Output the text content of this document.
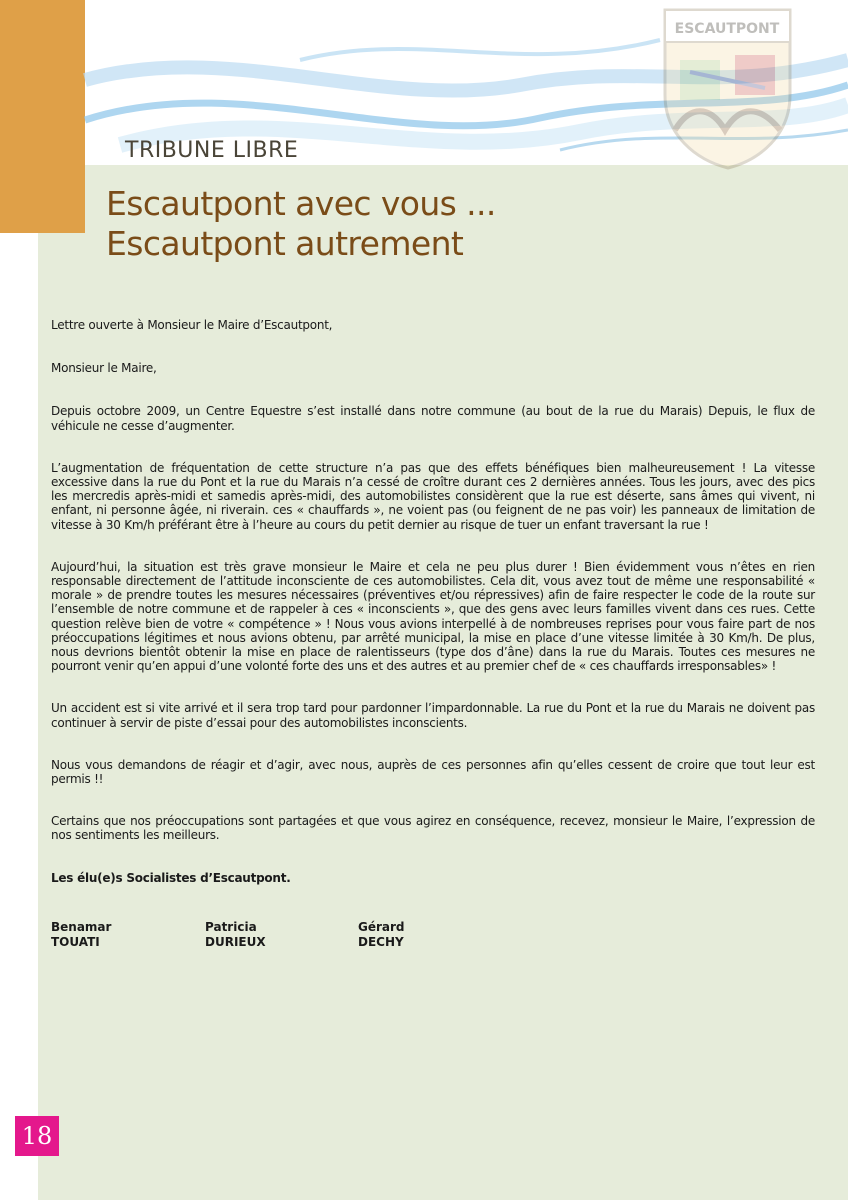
ESCAUTPONT
TRIBUNE LIBRE
Escautpont avec vous ...
Escautpont autrement

Lettre ouverte à Monsieur le Maire d’Escautpont,

Monsieur le Maire,

Depuis octobre 2009, un Centre Equestre s’est installé dans notre commune (au bout de la rue du Marais) Depuis, le flux de véhicule ne cesse d’augmenter.

L’augmentation de fréquentation de cette structure n’a pas que des effets bénéfiques bien malheureusement ! La vitesse excessive dans la rue du Pont et la rue du Marais n’a cessé de croître durant ces 2 dernières années. Tous les jours, avec des pics les mercredis après-midi et samedis après-midi, des automobilistes considèrent que la rue est déserte, sans âmes qui vivent, ni enfant, ni personne âgée, ni riverain. ces « chauffards », ne voient pas (ou feignent de ne pas voir) les panneaux de limitation de vitesse à 30 Km/h préférant être à l’heure au cours du petit dernier au risque de tuer un enfant traversant la rue !

Aujourd’hui, la situation est très grave monsieur le Maire et cela ne peu plus durer ! Bien évidemment vous n’êtes en rien responsable directement de l’attitude inconsciente de ces automobilistes. Cela dit, vous avez tout de même une responsabilité « morale » de prendre toutes les mesures nécessaires (préventives et/ou répressives) afin de faire respecter le code de la route sur l’ensemble de notre commune et de rappeler à ces « inconscients », que des gens avec leurs familles vivent dans ces rues. Cette question relève bien de votre « compétence » ! Nous vous avions interpellé à de nombreuses reprises pour vous faire part de nos préoccupations légitimes et nous avions obtenu, par arrêté municipal, la mise en place d’une vitesse limitée à 30 Km/h. De plus, nous devrions bientôt obtenir la mise en place de ralentisseurs (type dos d’âne) dans la rue du Marais. Toutes ces mesures ne pourront venir qu’en appui d’une volonté forte des uns et des autres et au premier chef de « ces chauffards irresponsables» !

Un accident est si vite arrivé et il sera trop tard pour pardonner l’impardonnable. La rue du Pont et la rue du Marais ne doivent pas continuer à servir de piste d’essai pour des automobilistes inconscients.

Nous vous demandons de réagir et d’agir, avec nous, auprès de ces personnes afin qu’elles cessent de croire que tout leur est permis !!

Certains que nos préoccupations sont partagées et que vous agirez en conséquence, recevez, monsieur le Maire, l’expression de nos sentiments les meilleurs.

Les élu(e)s Socialistes d’Escautpont.

Benamar
TOUATI
Patricia
DURIEUX
Gérard
DECHY
18
